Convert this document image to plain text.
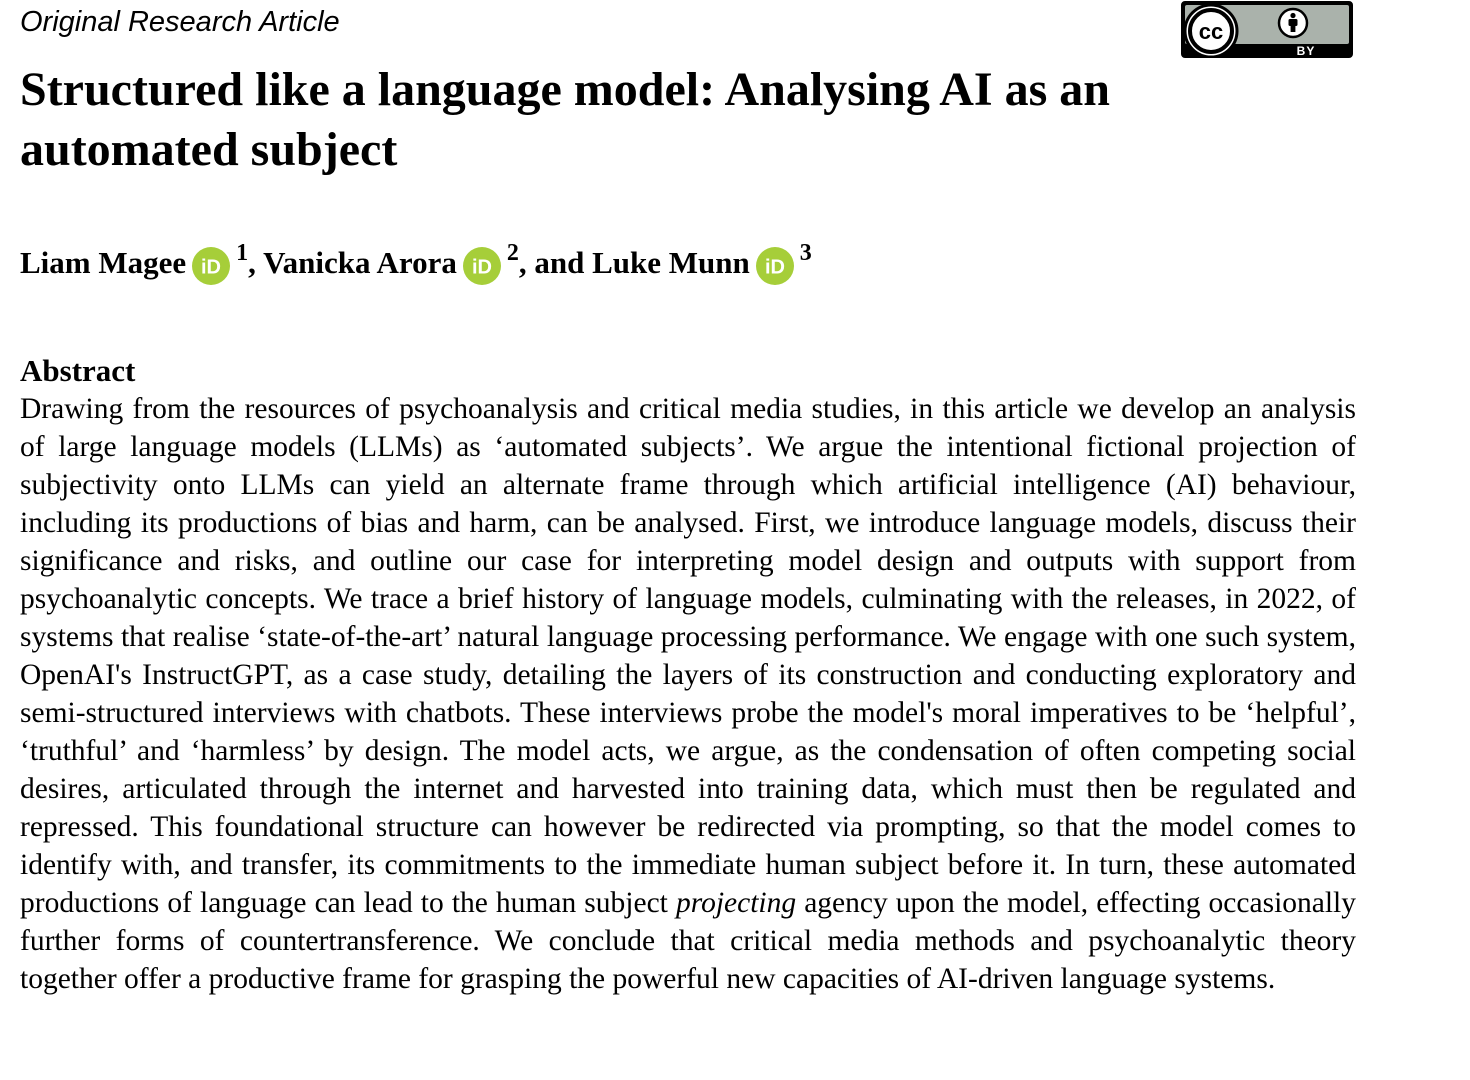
Original Research Article	cc
BY
Structured like a language model: Analysing AI as an automated subject
Liam Magee iD
$^1$, Vanicka Arora iD
$^2$, and Luke Munn iD
$^3$
Abstract

Drawing from the resources of psychoanalysis and critical media studies, in this article we develop an analysis of large language models (LLMs) as ‘automated subjects’. We argue the intentional fictional projection of subjectivity onto LLMs can yield an alternate frame through which artificial intelligence (AI) behaviour, including its productions of bias and harm, can be analysed. First, we introduce language models, discuss their significance and risks, and outline our case for interpreting model design and outputs with support from psychoanalytic concepts. We trace a brief history of language models, culminating with the releases, in 2022, of systems that realise ‘state-of-the-art’ natural language processing performance. We engage with one such system, OpenAI's InstructGPT, as a case study, detailing the layers of its construction and conducting exploratory and semi-structured interviews with chatbots. These interviews probe the model's moral imperatives to be ‘helpful’, ‘truthful’ and ‘harmless’ by design. The model acts, we argue, as the condensation of often competing social desires, articulated through the internet and harvested into training data, which must then be regulated and repressed. This foundational structure can however be redirected via prompting, so that the model comes to identify with, and transfer, its commitments to the immediate human subject before it. In turn, these automated productions of language can lead to the human subject projecting agency upon the model, effecting occasionally further forms of countertransference. We conclude that critical media methods and psychoanalytic theory together offer a productive frame for grasping the powerful new capacities of AI-driven language systems.
